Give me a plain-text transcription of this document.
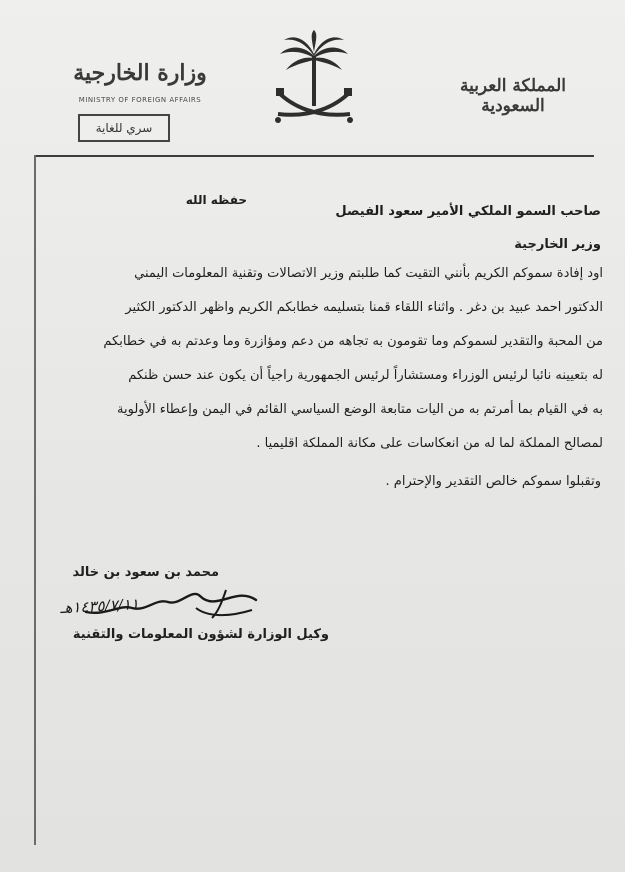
وزارة الخارجية
MINISTRY OF FOREIGN AFFAIRS
سري للغاية
المملكة العربية السعودية
صاحب السمو الملكي الأمير سعود الفيصل
حفظه الله
وزير الخارجية
اود إفادة سموكم الكريم بأنني التقيت كما طلبتم وزير الاتصالات وتقنية المعلومات اليمني
الدكتور احمد عبيد بن دغر . واثناء اللقاء قمنا بتسليمه خطابكم الكريم واظهر الدكتور الكثير
من المحبة والتقدير لسموكم وما تقومون به تجاهه من دعم ومؤازرة وما وعدتم به في خطابكم
له بتعيينه نائبا لرئيس الوزراء ومستشاراً لرئيس الجمهورية راجياً أن يكون عند حسن ظنكم
به في القيام بما أمرتم به من اليات متابعة الوضع السياسي القائم في اليمن وإعطاء الأولوية
لمصالح المملكة لما له من انعكاسات على مكانة المملكة اقليميا .
وتقبلوا سموكم خالص التقدير والإحترام .
محمد بن سعود بن خالد
١٤٣٥/٧/١١هـ
وكيل الوزارة لشؤون المعلومات والتقنية
